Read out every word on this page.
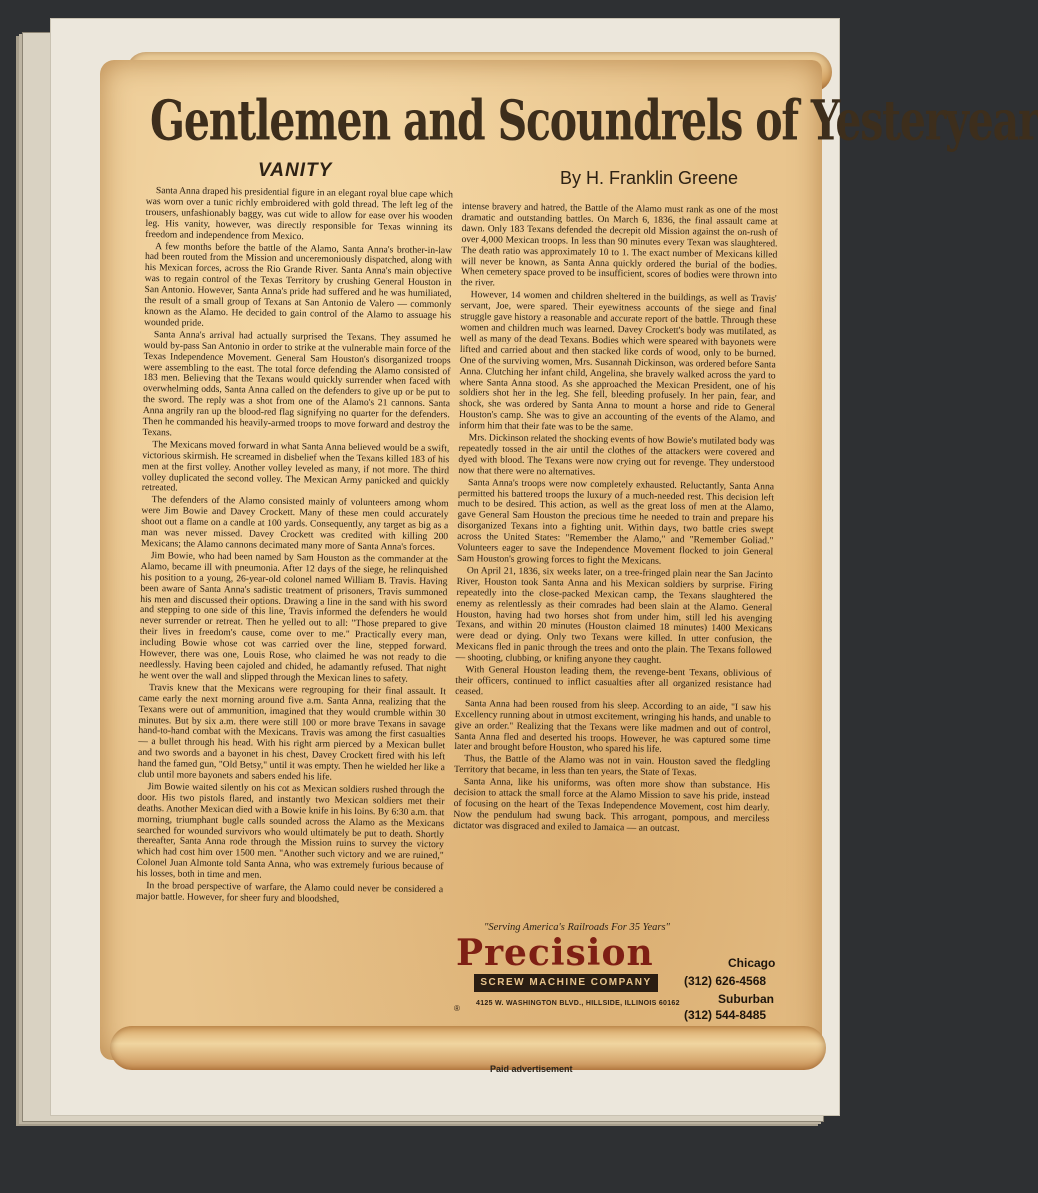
Gentlemen and Scoundrels of Yesteryear
VANITY	By H. Franklin Greene

Santa Anna draped his presidential figure in an elegant royal blue cape which was worn over a tunic richly embroidered with gold thread. The left leg of the trousers, unfashionably baggy, was cut wide to allow for ease over his wooden leg. His vanity, however, was directly responsible for Texas winning its freedom and independence from Mexico.

A few months before the battle of the Alamo, Santa Anna's brother-in-law had been routed from the Mission and unceremoniously dispatched, along with his Mexican forces, across the Rio Grande River. Santa Anna's main objective was to regain control of the Texas Territory by crushing General Houston in San Antonio. However, Santa Anna's pride had suffered and he was humiliated, the result of a small group of Texans at San Antonio de Valero — commonly known as the Alamo. He decided to gain control of the Alamo to assuage his wounded pride.

Santa Anna's arrival had actually surprised the Texans. They assumed he would by-pass San Antonio in order to strike at the vulnerable main force of the Texas Independence Movement. General Sam Houston's disorganized troops were assembling to the east. The total force defending the Alamo consisted of 183 men. Believing that the Texans would quickly surrender when faced with overwhelming odds, Santa Anna called on the defenders to give up or be put to the sword. The reply was a shot from one of the Alamo's 21 cannons. Santa Anna angrily ran up the blood-red flag signifying no quarter for the defenders. Then he commanded his heavily-armed troops to move forward and destroy the Texans.

The Mexicans moved forward in what Santa Anna believed would be a swift, victorious skirmish. He screamed in disbelief when the Texans killed 183 of his men at the first volley. Another volley leveled as many, if not more. The third volley duplicated the second volley. The Mexican Army panicked and quickly retreated.

The defenders of the Alamo consisted mainly of volunteers among whom were Jim Bowie and Davey Crockett. Many of these men could accurately shoot out a flame on a candle at 100 yards. Consequently, any target as big as a man was never missed. Davey Crockett was credited with killing 200 Mexicans; the Alamo cannons decimated many more of Santa Anna's forces.

Jim Bowie, who had been named by Sam Houston as the commander at the Alamo, became ill with pneumonia. After 12 days of the siege, he relinquished his position to a young, 26-year-old colonel named William B. Travis. Having been aware of Santa Anna's sadistic treatment of prisoners, Travis summoned his men and discussed their options. Drawing a line in the sand with his sword and stepping to one side of this line, Travis informed the defenders he would never surrender or retreat. Then he yelled out to all: "Those prepared to give their lives in freedom's cause, come over to me." Practically every man, including Bowie whose cot was carried over the line, stepped forward. However, there was one, Louis Rose, who claimed he was not ready to die needlessly. Having been cajoled and chided, he adamantly refused. That night he went over the wall and slipped through the Mexican lines to safety.

Travis knew that the Mexicans were regrouping for their final assault. It came early the next morning around five a.m. Santa Anna, realizing that the Texans were out of ammunition, imagined that they would crumble within 30 minutes. But by six a.m. there were still 100 or more brave Texans in savage hand-to-hand combat with the Mexicans. Travis was among the first casualties — a bullet through his head. With his right arm pierced by a Mexican bullet and two swords and a bayonet in his chest, Davey Crockett fired with his left hand the famed gun, "Old Betsy," until it was empty. Then he wielded her like a club until more bayonets and sabers ended his life.

Jim Bowie waited silently on his cot as Mexican soldiers rushed through the door. His two pistols flared, and instantly two Mexican soldiers met their deaths. Another Mexican died with a Bowie knife in his loins. By 6:30 a.m. that morning, triumphant bugle calls sounded across the Alamo as the Mexicans searched for wounded survivors who would ultimately be put to death. Shortly thereafter, Santa Anna rode through the Mission ruins to survey the victory which had cost him over 1500 men. "Another such victory and we are ruined," Colonel Juan Almonte told Santa Anna, who was extremely furious because of his losses, both in time and men.

In the broad perspective of warfare, the Alamo could never be considered a major battle. However, for sheer fury and bloodshed,

intense bravery and hatred, the Battle of the Alamo must rank as one of the most dramatic and outstanding battles. On March 6, 1836, the final assault came at dawn. Only 183 Texans defended the decrepit old Mission against the on-rush of over 4,000 Mexican troops. In less than 90 minutes every Texan was slaughtered. The death ratio was approximately 10 to 1. The exact number of Mexicans killed will never be known, as Santa Anna quickly ordered the burial of the bodies. When cemetery space proved to be insufficient, scores of bodies were thrown into the river.

However, 14 women and children sheltered in the buildings, as well as Travis' servant, Joe, were spared. Their eyewitness accounts of the siege and final struggle gave history a reasonable and accurate report of the battle. Through these women and children much was learned. Davey Crockett's body was mutilated, as well as many of the dead Texans. Bodies which were speared with bayonets were lifted and carried about and then stacked like cords of wood, only to be burned. One of the surviving women, Mrs. Susannah Dickinson, was ordered before Santa Anna. Clutching her infant child, Angelina, she bravely walked across the yard to where Santa Anna stood. As she approached the Mexican President, one of his soldiers shot her in the leg. She fell, bleeding profusely. In her pain, fear, and shock, she was ordered by Santa Anna to mount a horse and ride to General Houston's camp. She was to give an accounting of the events of the Alamo, and inform him that their fate was to be the same.

Mrs. Dickinson related the shocking events of how Bowie's mutilated body was repeatedly tossed in the air until the clothes of the attackers were covered and dyed with blood. The Texans were now crying out for revenge. They understood now that there were no alternatives.

Santa Anna's troops were now completely exhausted. Reluctantly, Santa Anna permitted his battered troops the luxury of a much-needed rest. This decision left much to be desired. This action, as well as the great loss of men at the Alamo, gave General Sam Houston the precious time he needed to train and prepare his disorganized Texans into a fighting unit. Within days, two battle cries swept across the United States: "Remember the Alamo," and "Remember Goliad." Volunteers eager to save the Independence Movement flocked to join General Sam Houston's growing forces to fight the Mexicans.

On April 21, 1836, six weeks later, on a tree-fringed plain near the San Jacinto River, Houston took Santa Anna and his Mexican soldiers by surprise. Firing repeatedly into the close-packed Mexican camp, the Texans slaughtered the enemy as relentlessly as their comrades had been slain at the Alamo. General Houston, having had two horses shot from under him, still led his avenging Texans, and within 20 minutes (Houston claimed 18 minutes) 1400 Mexicans were dead or dying. Only two Texans were killed. In utter confusion, the Mexicans fled in panic through the trees and onto the plain. The Texans followed — shooting, clubbing, or knifing anyone they caught.

With General Houston leading them, the revenge-bent Texans, oblivious of their officers, continued to inflict casualties after all organized resistance had ceased.

Santa Anna had been roused from his sleep. According to an aide, "I saw his Excellency running about in utmost excitement, wringing his hands, and unable to give an order." Realizing that the Texans were like madmen and out of control, Santa Anna fled and deserted his troops. However, he was captured some time later and brought before Houston, who spared his life.

Thus, the Battle of the Alamo was not in vain. Houston saved the fledgling Territory that became, in less than ten years, the State of Texas.

Santa Anna, like his uniforms, was often more show than substance. His decision to attack the small force at the Alamo Mission to save his pride, instead of focusing on the heart of the Texas Independence Movement, cost him dearly. Now the pendulum had swung back. This arrogant, pompous, and merciless dictator was disgraced and exiled to Jamaica — an outcast.

"Serving America's Railroads For 35 Years"
Precision
SCREW MACHINE COMPANY
®
4125 W. WASHINGTON BLVD., HILLSIDE, ILLINOIS 60162
Chicago
(312) 626-4568
Suburban
(312) 544-8485
Paid advertisement
